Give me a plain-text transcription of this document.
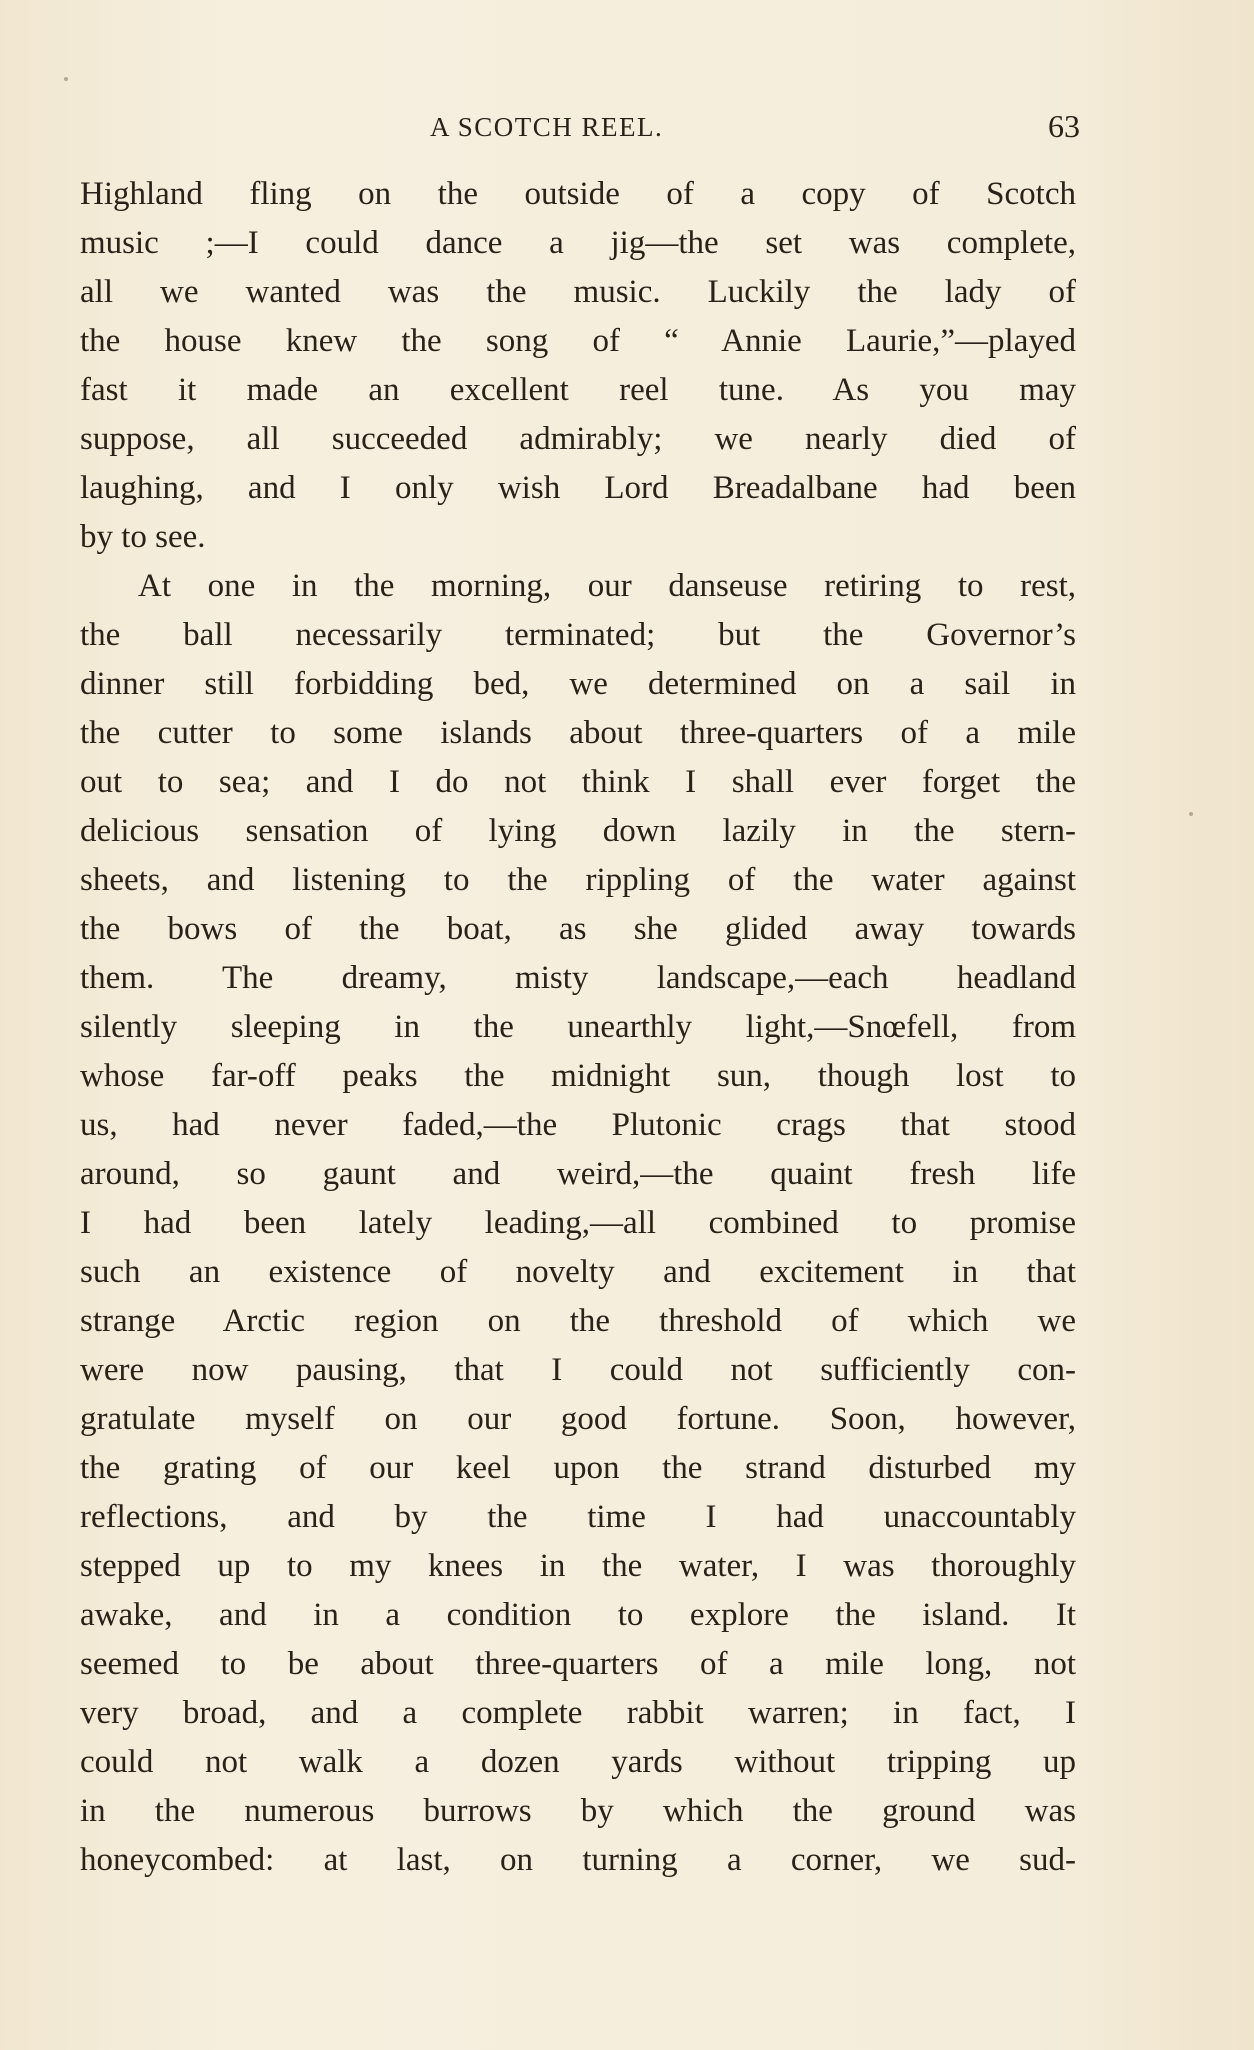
A SCOTCH REEL.	63
Highland fling on the outside of a copy of Scotch
music ;—I could dance a jig—the set was complete,
all we wanted was the music. Luckily the lady of
the house knew the song of “ Annie Laurie,”—played
fast it made an excellent reel tune. As you may
suppose, all succeeded admirably; we nearly died of
laughing, and I only wish Lord Breadalbane had been
by to see.
At one in the morning, our danseuse retiring to rest,
the ball necessarily terminated; but the Governor’s
dinner still forbidding bed, we determined on a sail in
the cutter to some islands about three-quarters of a mile
out to sea; and I do not think I shall ever forget the
delicious sensation of lying down lazily in the stern-
sheets, and listening to the rippling of the water against
the bows of the boat, as she glided away towards
them. The dreamy, misty landscape,—each headland
silently sleeping in the unearthly light,—Snœfell, from
whose far-off peaks the midnight sun, though lost to
us, had never faded,—the Plutonic crags that stood
around, so gaunt and weird,—the quaint fresh life
I had been lately leading,—all combined to promise
such an existence of novelty and excitement in that
strange Arctic region on the threshold of which we
were now pausing, that I could not sufficiently con-
gratulate myself on our good fortune. Soon, however,
the grating of our keel upon the strand disturbed my
reflections, and by the time I had unaccountably
stepped up to my knees in the water, I was thoroughly
awake, and in a condition to explore the island. It
seemed to be about three-quarters of a mile long, not
very broad, and a complete rabbit warren; in fact, I
could not walk a dozen yards without tripping up
in the numerous burrows by which the ground was
honeycombed: at last, on turning a corner, we sud-
